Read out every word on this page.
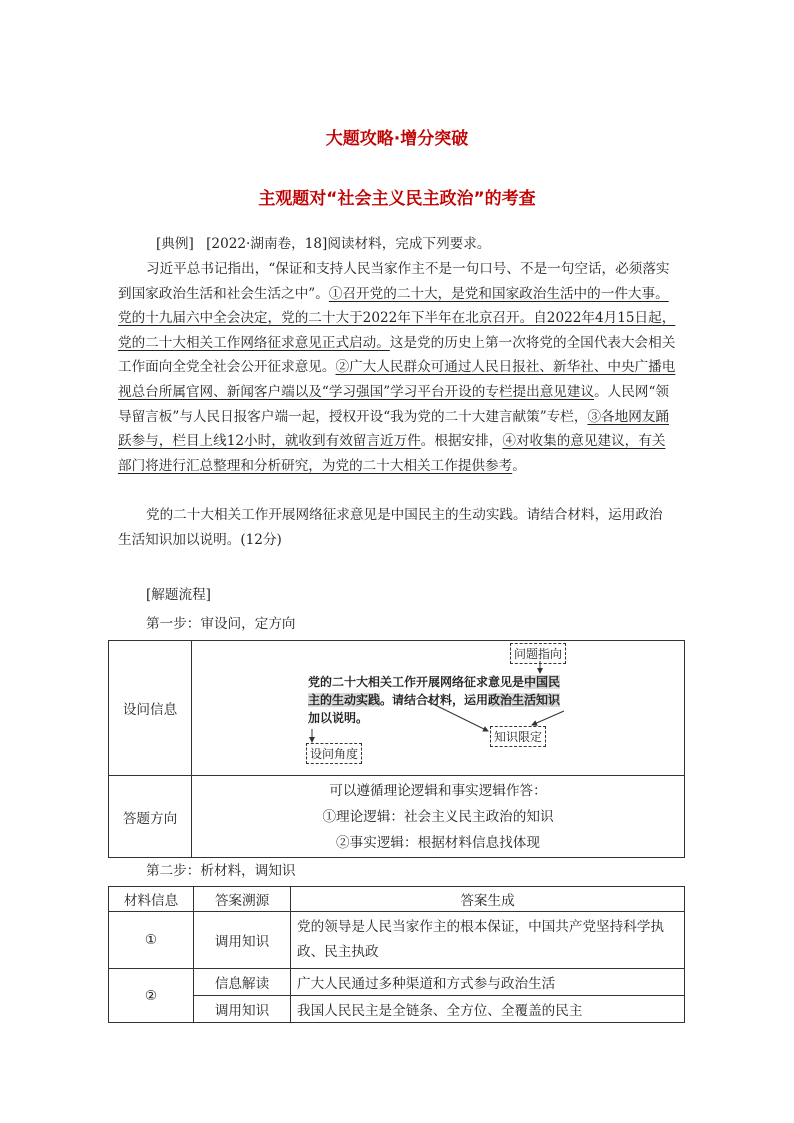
大题攻略·增分突破
主观题对“社会主义民主政治”的考查

[典例] [2022·湖南卷，18]阅读材料，完成下列要求。

习近平总书记指出，“保证和支持人民当家作主不是一句口号、不是一句空话，必须落实到国家政治生活和社会生活之中”。①召开党的二十大，是党和国家政治生活中的一件大事。党的十九届六中全会决定，党的二十大于2022年下半年在北京召开。自2022年4月15日起，党的二十大相关工作网络征求意见正式启动。这是党的历史上第一次将党的全国代表大会相关工作面向全党全社会公开征求意见。②广大人民群众可通过人民日报社、新华社、中央广播电视总台所属官网、新闻客户端以及“学习强国”学习平台开设的专栏提出意见建议。人民网“领导留言板”与人民日报客户端一起，授权开设“我为党的二十大建言献策”专栏，③各地网友踊跃参与，栏目上线12小时，就收到有效留言近万件。根据安排，④对收集的意见建议，有关部门将进行汇总整理和分析研究，为党的二十大相关工作提供参考。

党的二十大相关工作开展网络征求意见是中国民主的生动实践。请结合材料，运用政治生活知识加以说明。(12分)

[解题流程]
第一步：审设问，定方向
设问信息	党的二十大相关工作开展网络征求意见是中国民主的生动实践。请结合材料，运用政治生活知识加以说明。
问题指向
知识限定
设问角度

答题方向	可以遵循理论逻辑和事实逻辑作答：
①理论逻辑：社会主义民主政治的知识
②事实逻辑：根据材料信息找体现
第二步：析材料，调知识
材料信息	答案溯源	答案生成
①	调用知识	党的领导是人民当家作主的根本保证，中国共产党坚持科学执政、民主执政
②	信息解读	广大人民通过多种渠道和方式参与政治生活
	调用知识	我国人民民主是全链条、全方位、全覆盖的民主
